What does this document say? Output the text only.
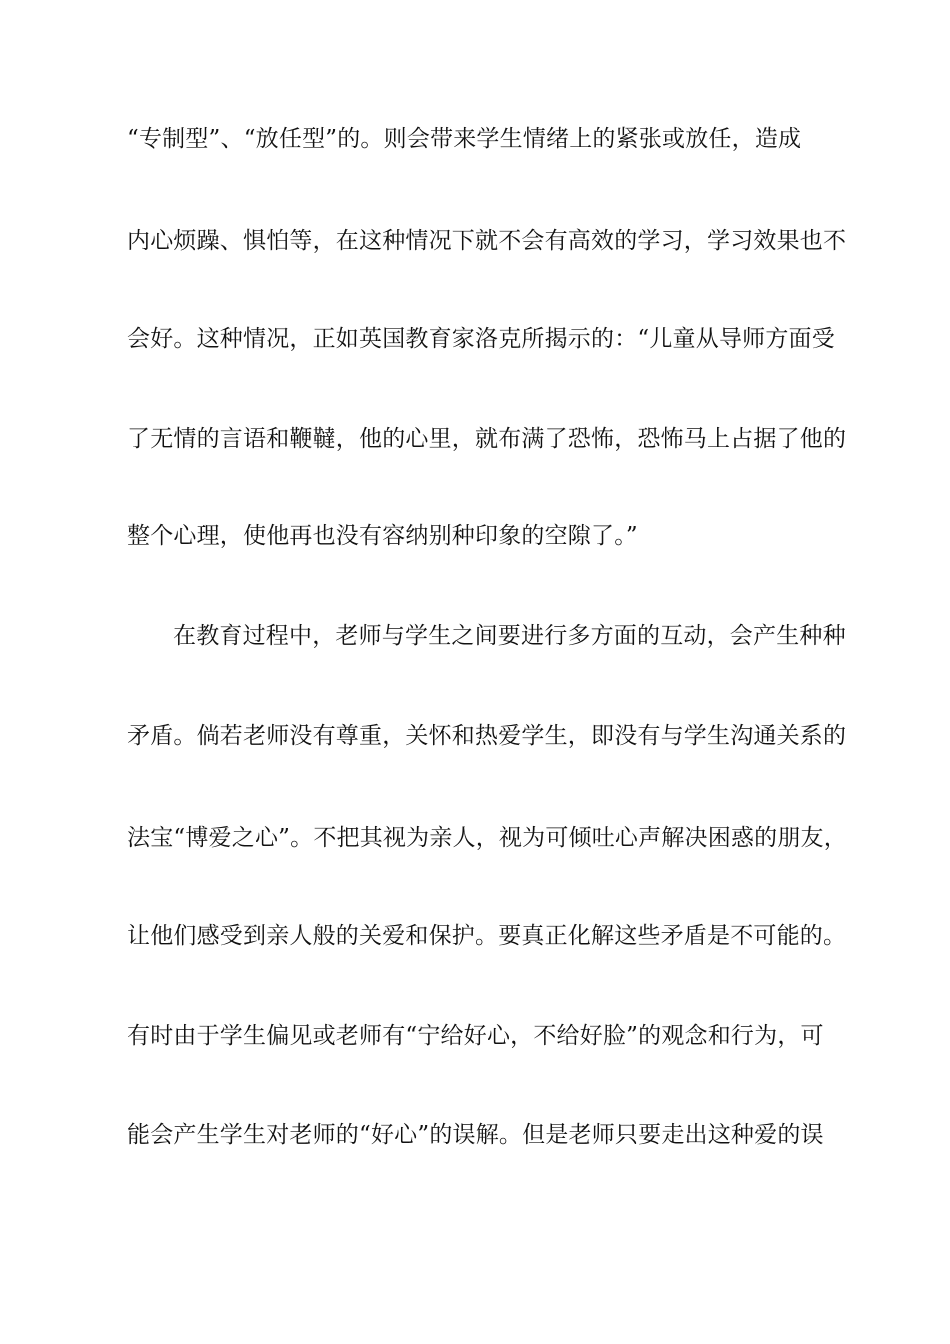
“专制型”、“放任型”的。则会带来学生情绪上的紧张或放任，造成
内心烦躁、惧怕等，在这种情况下就不会有高效的学习，学习效果也不
会好。这种情况，正如英国教育家洛克所揭示的：“儿童从导师方面受
了无情的言语和鞭韃，他的心里，就布满了恐怖，恐怖马上占据了他的
整个心理，使他再也没有容纳别种印象的空隙了。”
在教育过程中，老师与学生之间要进行多方面的互动，会产生种种
矛盾。倘若老师没有尊重，关怀和热爱学生，即没有与学生沟通关系的
法宝“博爱之心”。不把其视为亲人，视为可倾吐心声解决困惑的朋友，
让他们感受到亲人般的关爱和保护。要真正化解这些矛盾是不可能的。
有时由于学生偏见或老师有“宁给好心，不给好脸”的观念和行为，可
能会产生学生对老师的“好心”的误解。但是老师只要走出这种爱的误
